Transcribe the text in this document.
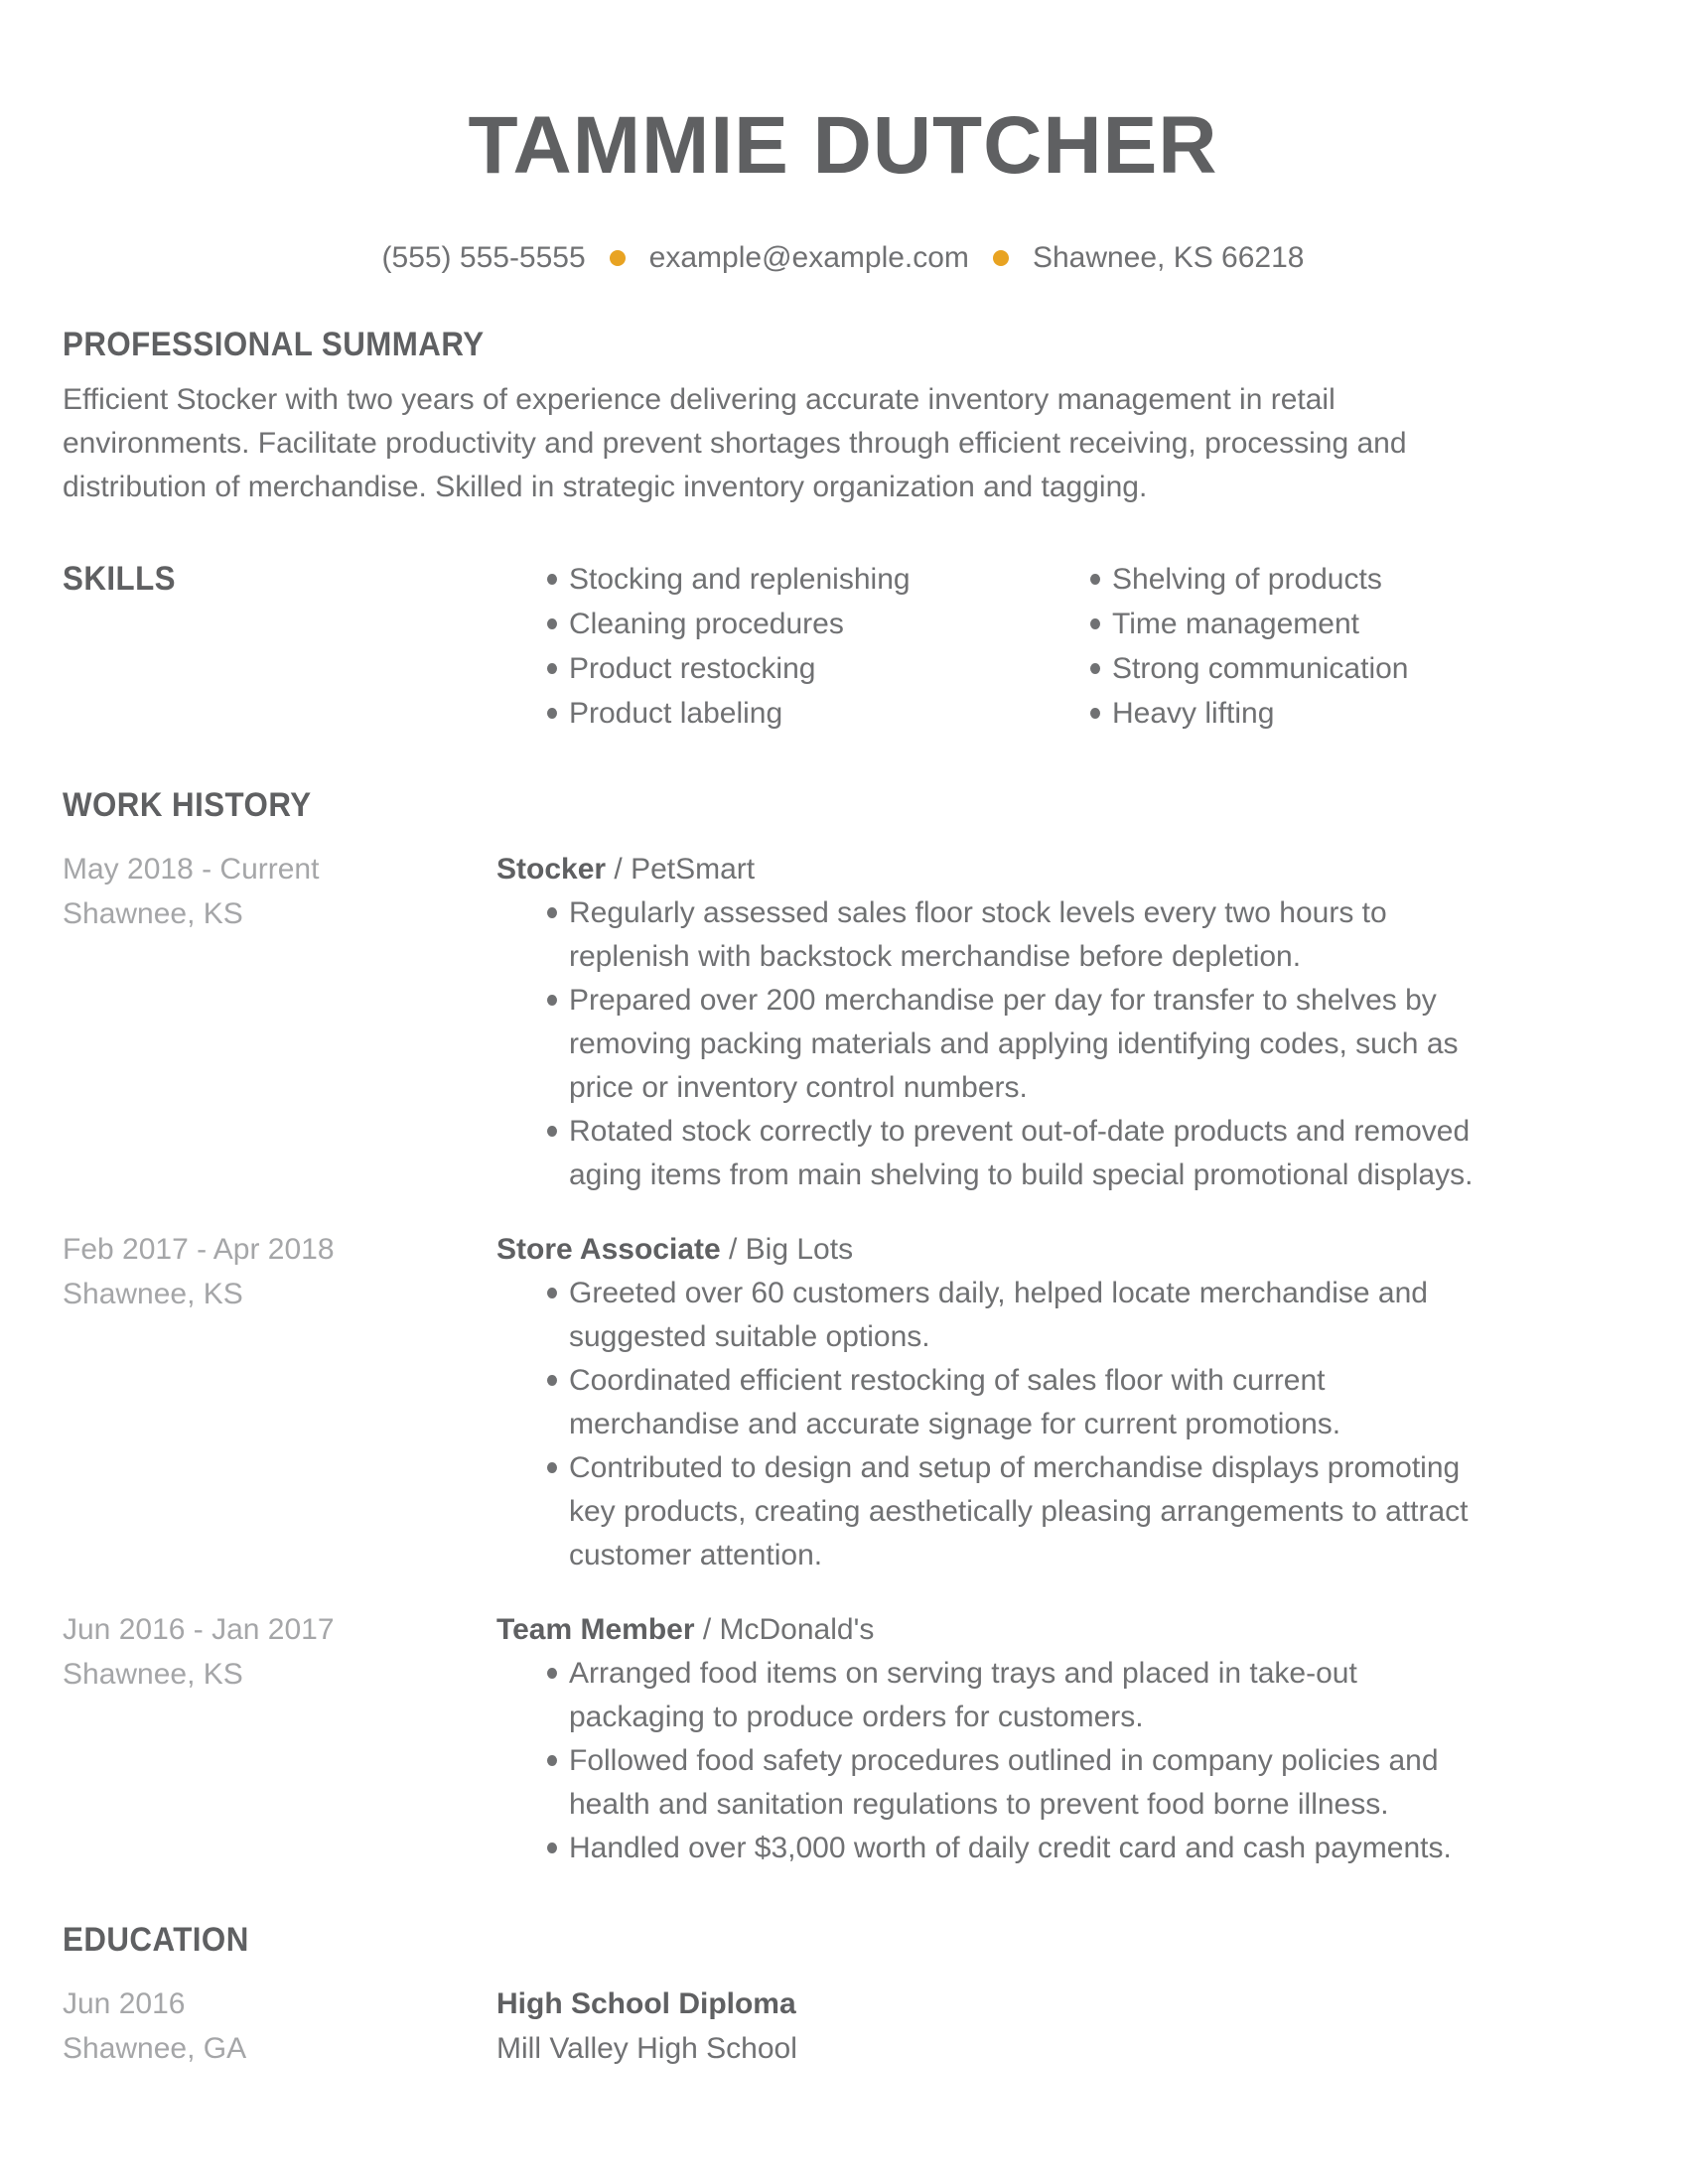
TAMMIE DUTCHER
(555) 555-5555 example@example.com Shawnee, KS 66218
PROFESSIONAL SUMMARY

Efficient Stocker with two years of experience delivering accurate inventory management in retail environments. Facilitate productivity and prevent shortages through efficient receiving, processing and distribution of merchandise. Skilled in strategic inventory organization and tagging.

SKILLS	Stocking and replenishing
Cleaning procedures
Product restocking
Product labeling
Shelving of products
Time management
Strong communication
Heavy lifting
WORK HISTORY
May 2018 - Current
Shawnee, KS
Stocker / PetSmart
Regularly assessed sales floor stock levels every two hours to replenish with backstock merchandise before depletion.
Prepared over 200 merchandise per day for transfer to shelves by removing packing materials and applying identifying codes, such as price or inventory control numbers.
Rotated stock correctly to prevent out-of-date products and removed aging items from main shelving to build special promotional displays.
Feb 2017 - Apr 2018
Shawnee, KS
Store Associate / Big Lots
Greeted over 60 customers daily, helped locate merchandise and suggested suitable options.
Coordinated efficient restocking of sales floor with current merchandise and accurate signage for current promotions.
Contributed to design and setup of merchandise displays promoting key products, creating aesthetically pleasing arrangements to attract customer attention.
Jun 2016 - Jan 2017
Shawnee, KS
Team Member / McDonald's
Arranged food items on serving trays and placed in take-out packaging to produce orders for customers.
Followed food safety procedures outlined in company policies and health and sanitation regulations to prevent food borne illness.
Handled over $3,000 worth of daily credit card and cash payments.
EDUCATION
Jun 2016
Shawnee, GA
High School Diploma
Mill Valley High School
